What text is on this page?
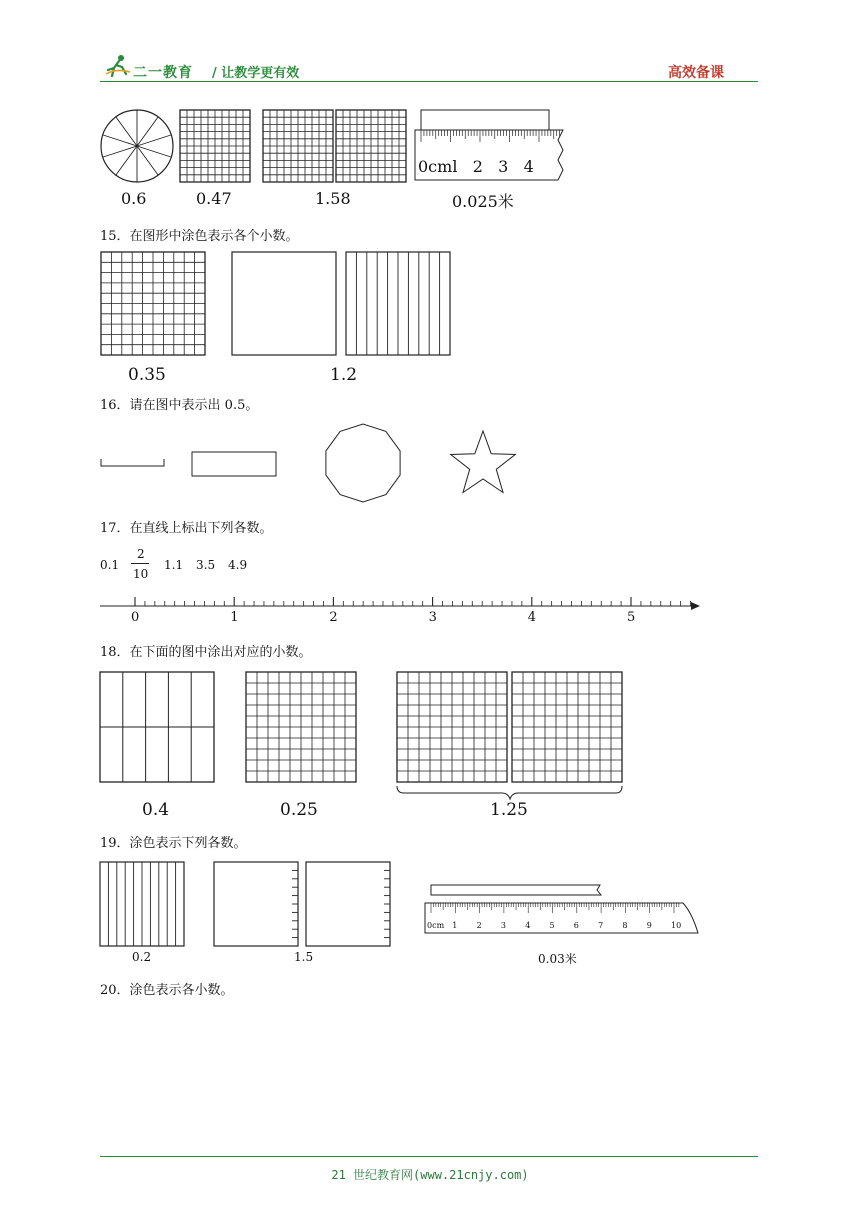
二一教育 / 让教学更有效	高效备课
0cml   2   3   4
0.6	0.47	1.58	0.025米
15．在图形中涂色表示各个小数。
0.35	1.2
16．请在图中表示出 0.5。
17．在直线上标出下列各数。
0.1
2
10
1.1 3.5 4.9
0	1	2	3	4	5
18．在下面的图中涂出对应的小数。
0.4	0.25	1.25
19．涂色表示下列各数。
0cm 1 2 3 4 5 6 7 8 9 10
0.2	1.5	0.03米
20．涂色表示各小数。
21 世纪教育网(www.21cnjy.com)
